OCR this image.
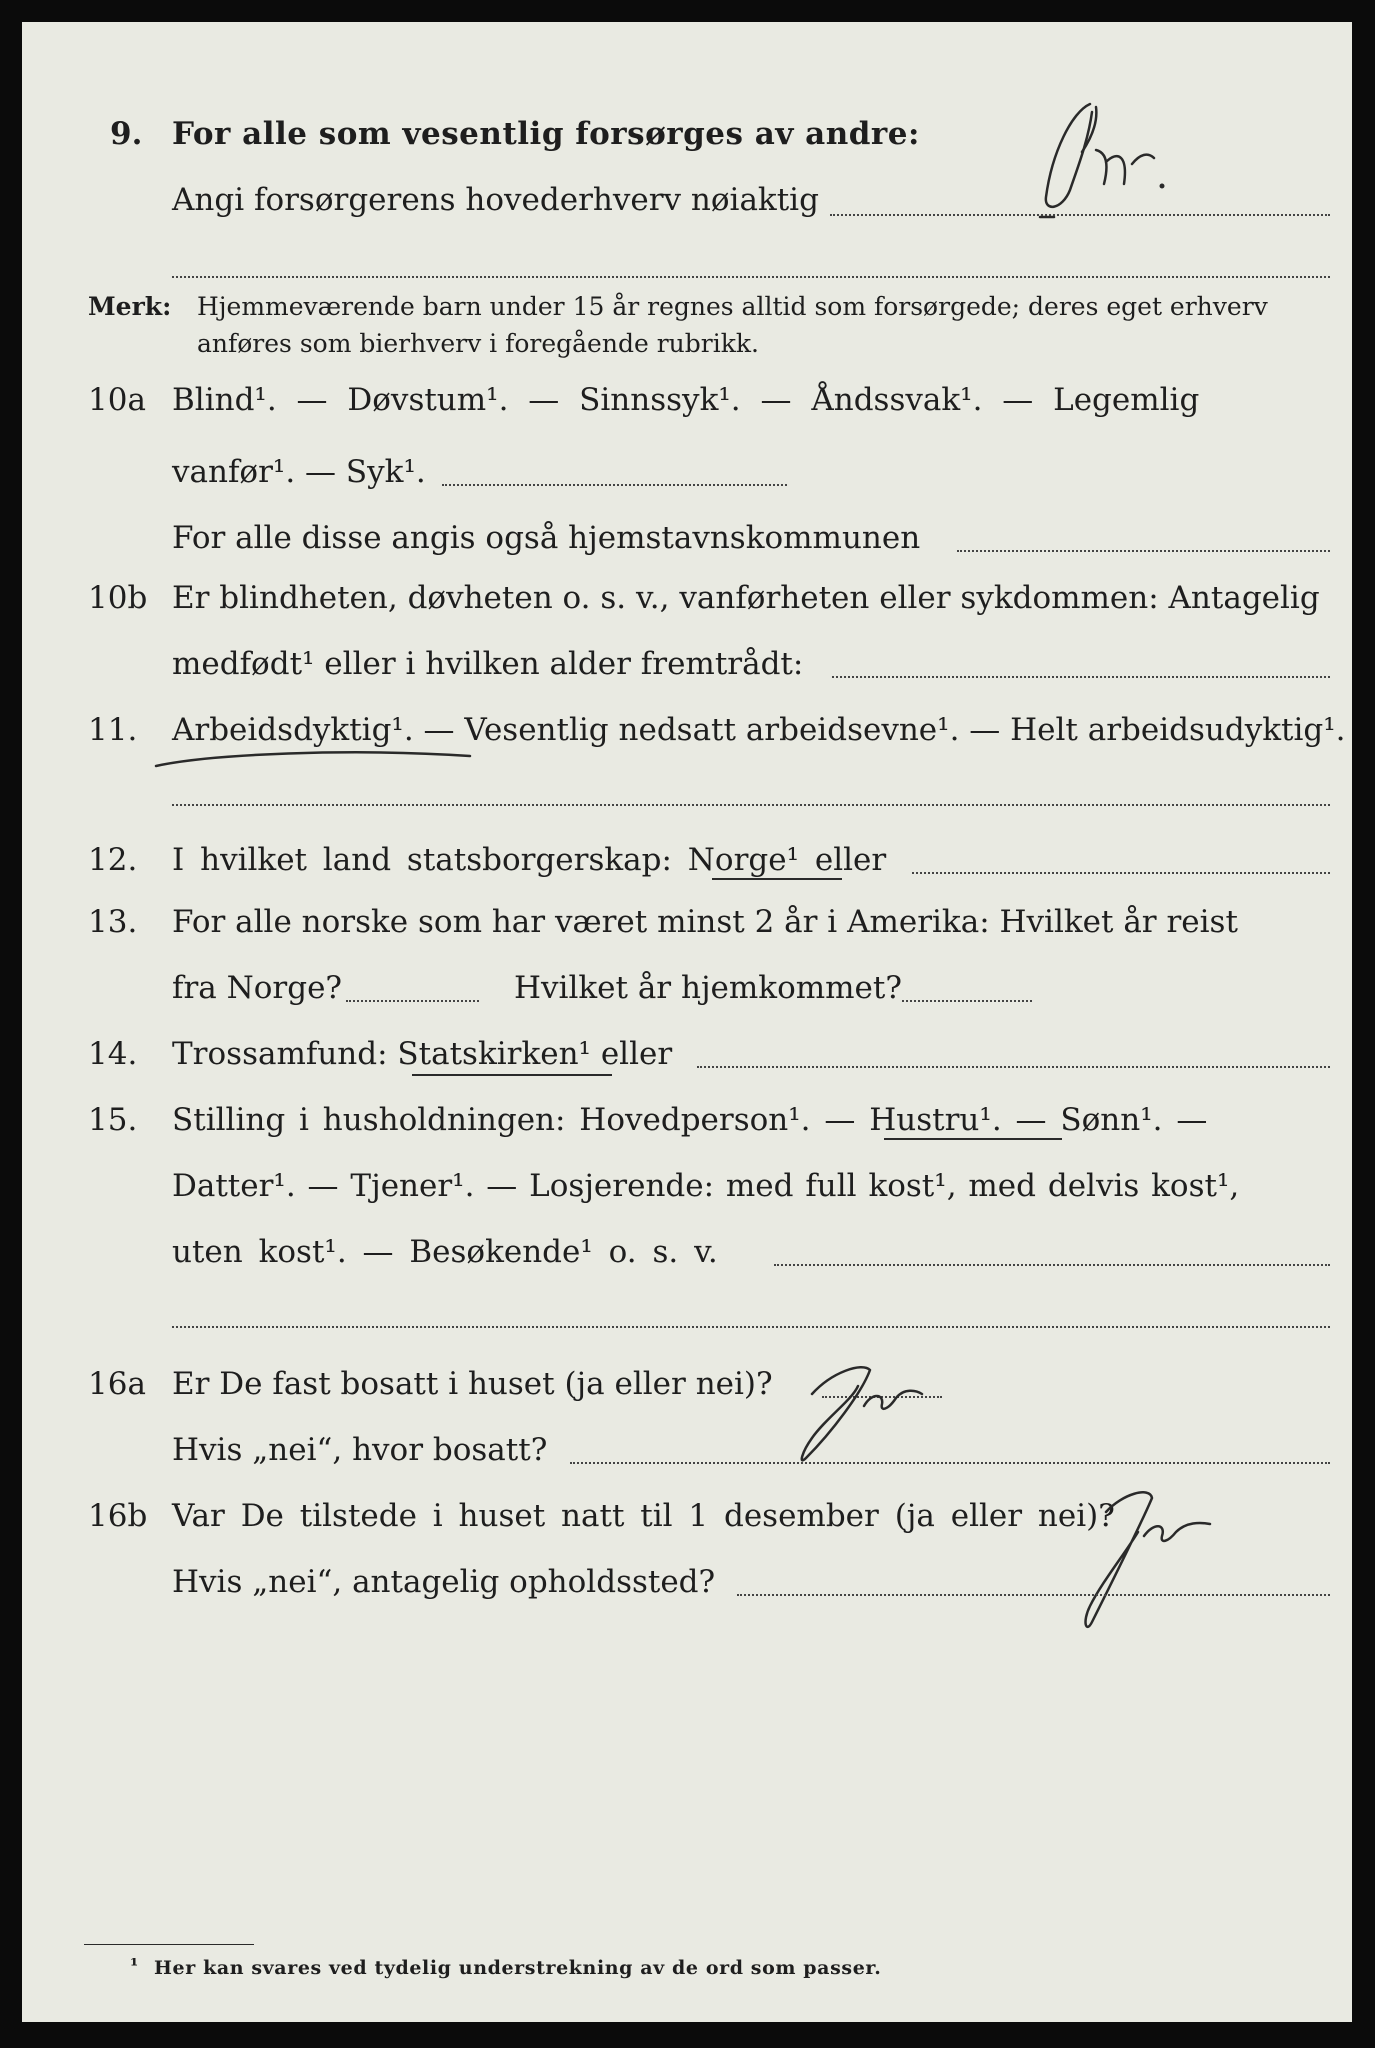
9. For alle som vesentlig forsørges av andre:
Angi forsørgerens hovederhverv nøiaktig
Ghr.
Merk: Hjemmeværende barn under 15 år regnes alltid som forsørgede; deres eget erhverv
anføres som bierhverv i foregående rubrikk.
10a Blind¹. — Døvstum¹. — Sinnssyk¹. — Åndssvak¹. — Legemlig
vanfør¹. — Syk¹.
For alle disse angis også hjemstavnskommunen
10b Er blindheten, døvheten o. s. v., vanførheten eller sykdommen: Antagelig
medfødt¹ eller i hvilken alder fremtrådt:
11. Arbeidsdyktig¹. — Vesentlig nedsatt arbeidsevne¹. — Helt arbeidsudyktig¹.
12. I hvilket land statsborgerskap: Norge¹ eller
13. For alle norske som har været minst 2 år i Amerika: Hvilket år reist
fra Norge?	Hvilket år hjemkommet?
14. Trossamfund: Statskirken¹ eller
15. Stilling i husholdningen: Hovedperson¹. — Hustru¹. — Sønn¹. —
Datter¹. — Tjener¹. — Losjerende: med full kost¹, med delvis kost¹,
uten kost¹. — Besøkende¹ o. s. v.
16a Er De fast bosatt i huset (ja eller nei)?
Ja
Hvis „nei“, hvor bosatt?
16b Var De tilstede i huset natt til 1 desember (ja eller nei)?
Ja
Hvis „nei“, antagelig opholdssted?
¹ Her kan svares ved tydelig understrekning av de ord som passer.
